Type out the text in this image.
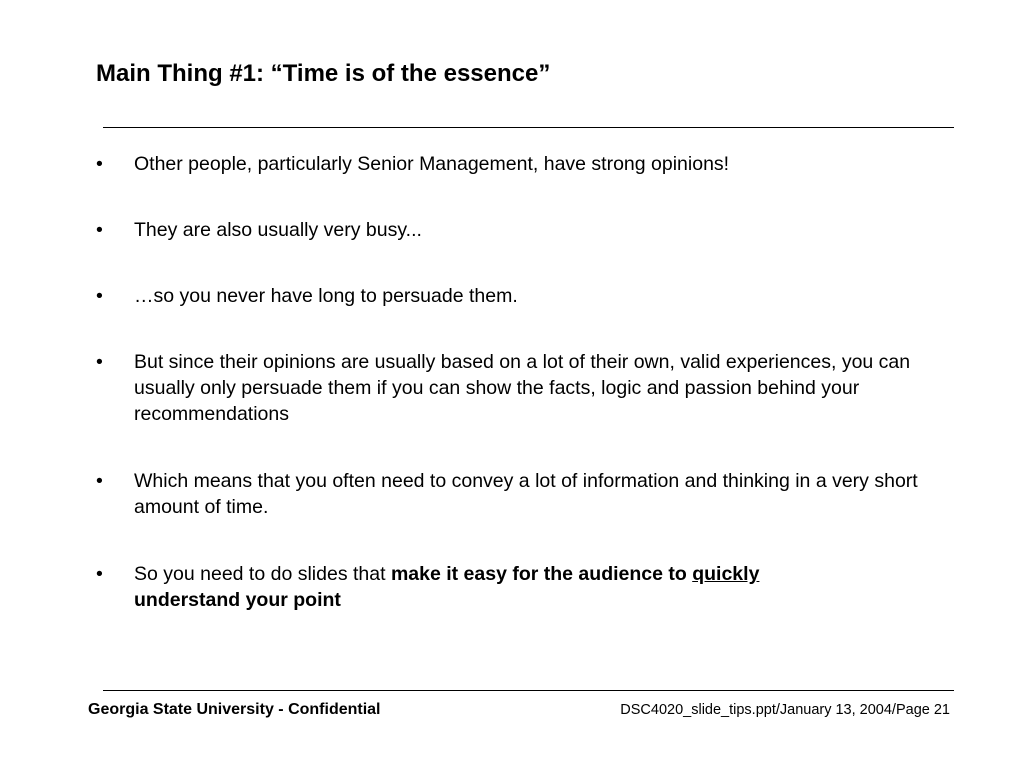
Main Thing #1: “Time is of the essence”
• Other people, particularly Senior Management, have strong opinions!
• They are also usually very busy...
• …so you never have long to persuade them.
• But since their opinions are usually based on a lot of their own, valid experiences, you can usually only persuade them if you can show the facts, logic and passion behind your recommendations
• Which means that you often need to convey a lot of information and thinking in a very short amount of time.
• So you need to do slides that make it easy for the audience to quickly
understand your point
Georgia State University - Confidential	DSC4020_slide_tips.ppt/January 13, 2004/Page 21
